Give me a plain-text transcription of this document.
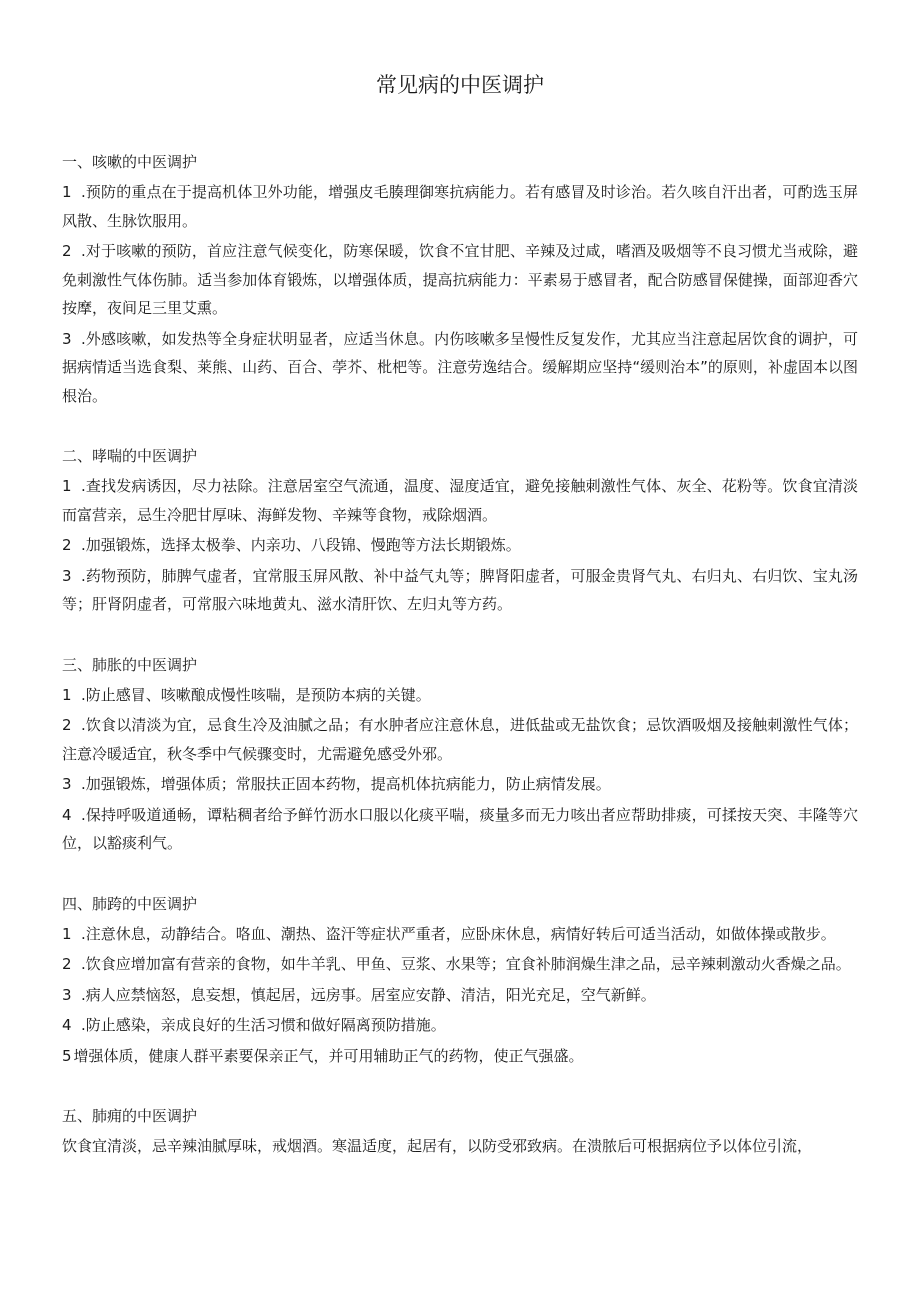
常见病的中医调护
一、咳嗽的中医调护
1 .预防的重点在于提高机体卫外功能，增强皮毛腠理御寒抗病能力。若有感冒及时诊治。若久咳自汗出者，可酌选玉屏风散、生脉饮服用。
2 .对于咳嗽的预防，首应注意气候变化，防寒保暖，饮食不宜甘肥、辛辣及过咸，嗜酒及吸烟等不良习惯尤当戒除，避免刺激性气体伤肺。适当参加体育锻炼，以增强体质，提高抗病能力：平素易于感冒者，配合防感冒保健操，面部迎香穴按摩，夜间足三里艾熏。
3 .外感咳嗽，如发热等全身症状明显者，应适当休息。内伤咳嗽多呈慢性反复发作，尤其应当注意起居饮食的调护，可据病情适当选食梨、莱熊、山药、百合、荸芥、枇杷等。注意劳逸结合。缓解期应坚持“缓则治本”的原则，补虚固本以图根治。
二、哮喘的中医调护
1 .查找发病诱因，尽力祛除。注意居室空气流通，温度、湿度适宜，避免接触刺激性气体、灰全、花粉等。饮食宜清淡而富营亲，忌生冷肥甘厚味、海鲜发物、辛辣等食物，戒除烟酒。
2 .加强锻炼，选择太极拳、内亲功、八段锦、慢跑等方法长期锻炼。
3 .药物预防，肺脾气虚者，宜常服玉屏风散、补中益气丸等；脾肾阳虚者，可服金贵肾气丸、右归丸、右归饮、宝丸汤等；肝肾阴虚者，可常服六味地黄丸、滋水清肝饮、左归丸等方药。
三、肺胀的中医调护
1 .防止感冒、咳嗽酿成慢性咳喘，是预防本病的关键。
2 .饮食以清淡为宜，忌食生冷及油腻之品；有水肿者应注意休息，进低盐或无盐饮食；忌饮酒吸烟及接触刺激性气体；注意冷暖适宜，秋冬季中气候骤变时，尤需避免感受外邪。
3 .加强锻炼，增强体质；常服扶正固本药物，提高机体抗病能力，防止病情发展。
4 .保持呼吸道通畅，谭粘稠者给予鲜竹沥水口服以化痰平喘，痰量多而无力咳出者应帮助排痰，可揉按天突、丰隆等穴位，以豁痰利气。
四、肺跨的中医调护
1 .注意休息，动静结合。咯血、潮热、盗汗等症状严重者，应卧床休息，病情好转后可适当活动，如做体操或散步。
2 .饮食应增加富有营亲的食物，如牛羊乳、甲鱼、豆浆、水果等；宜食补肺润燥生津之品，忌辛辣刺激动火香燥之品。
3 .病人应禁恼怒，息妄想，慎起居，远房事。居室应安静、清洁，阳光充足，空气新鲜。
4 .防止感染，亲成良好的生活习惯和做好隔离预防措施。
5 增强体质，健康人群平素要保亲正气，并可用辅助正气的药物，使正气强盛。
五、肺痈的中医调护
饮食宜清淡，忌辛辣油腻厚味，戒烟酒。寒温适度，起居有，以防受邪致病。在溃脓后可根据病位予以体位引流，
